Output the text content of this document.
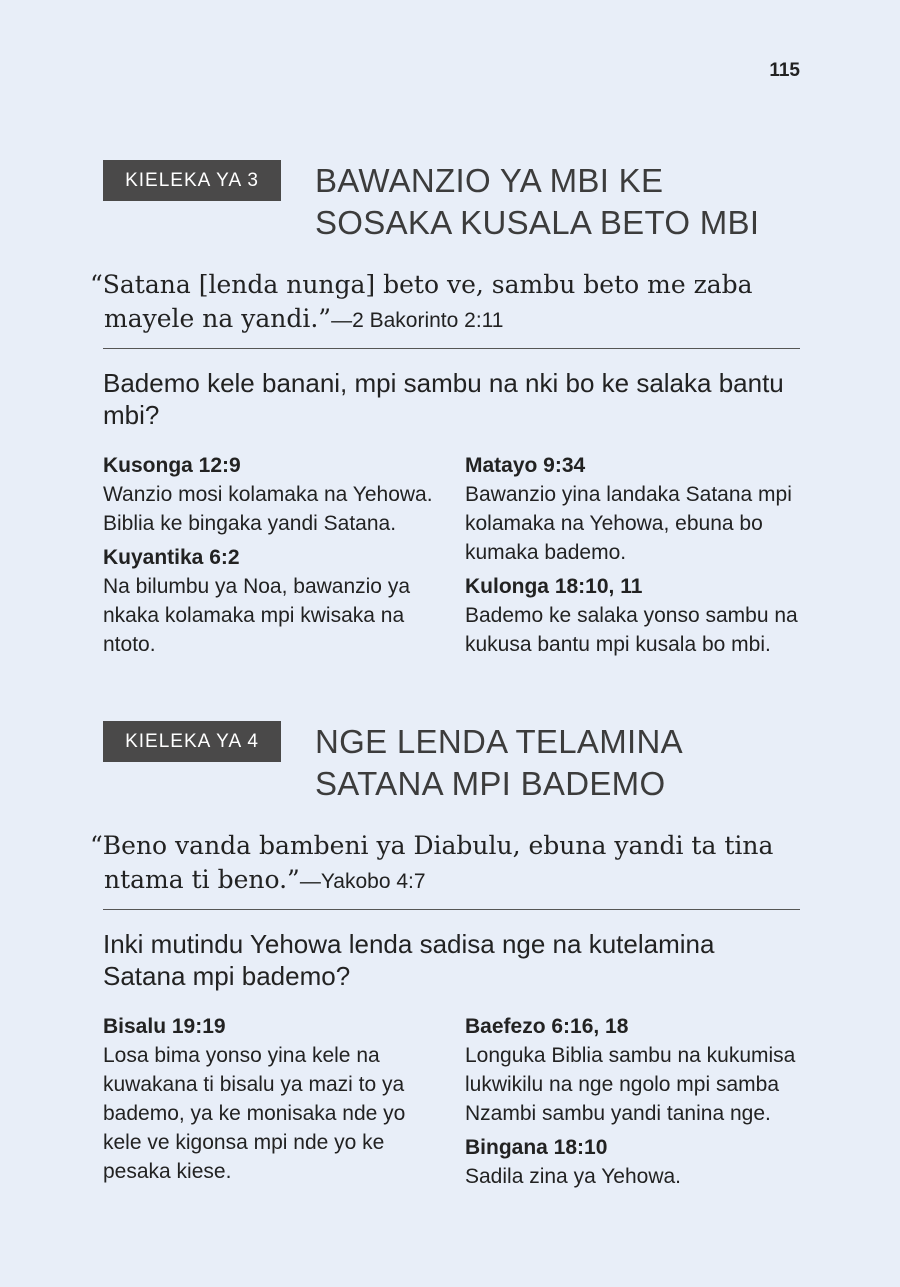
115
KIELEKA YA 3	BAWANZIO YA MBI KE
SOSAKA KUSALA BETO MBI
“Satana [lenda nunga] beto ve, sambu beto me zaba mayele na yandi.”—2 Bakorinto 2:11
Bademo kele banani, mpi sambu na nki bo ke salaka bantu mbi?
Kusonga 12:9
Wanzio mosi kolamaka na Yehowa. Biblia ke bingaka yandi Satana.
Kuyantika 6:2
Na bilumbu ya Noa, bawanzio ya nkaka kolamaka mpi kwisaka na ntoto.
Matayo 9:34
Bawanzio yina landaka Satana mpi kolamaka na Yehowa, ebuna bo kumaka bademo.
Kulonga 18:10, 11
Bademo ke salaka yonso sambu na kukusa bantu mpi kusala bo mbi.
KIELEKA YA 4	NGE LENDA TELAMINA
SATANA MPI BADEMO
“Beno vanda bambeni ya Diabulu, ebuna yandi ta tina ntama ti beno.”—Yakobo 4:7
Inki mutindu Yehowa lenda sadisa nge na kutelamina Satana mpi bademo?
Bisalu 19:19
Losa bima yonso yina kele na kuwakana ti bisalu ya mazi to ya bademo, ya ke monisaka nde yo kele ve kigonsa mpi nde yo ke pesaka kiese.
Baefezo 6:16, 18
Longuka Biblia sambu na kukumisa lukwikilu na nge ngolo mpi samba Nzambi sambu yandi tanina nge.
Bingana 18:10
Sadila zina ya Yehowa.
